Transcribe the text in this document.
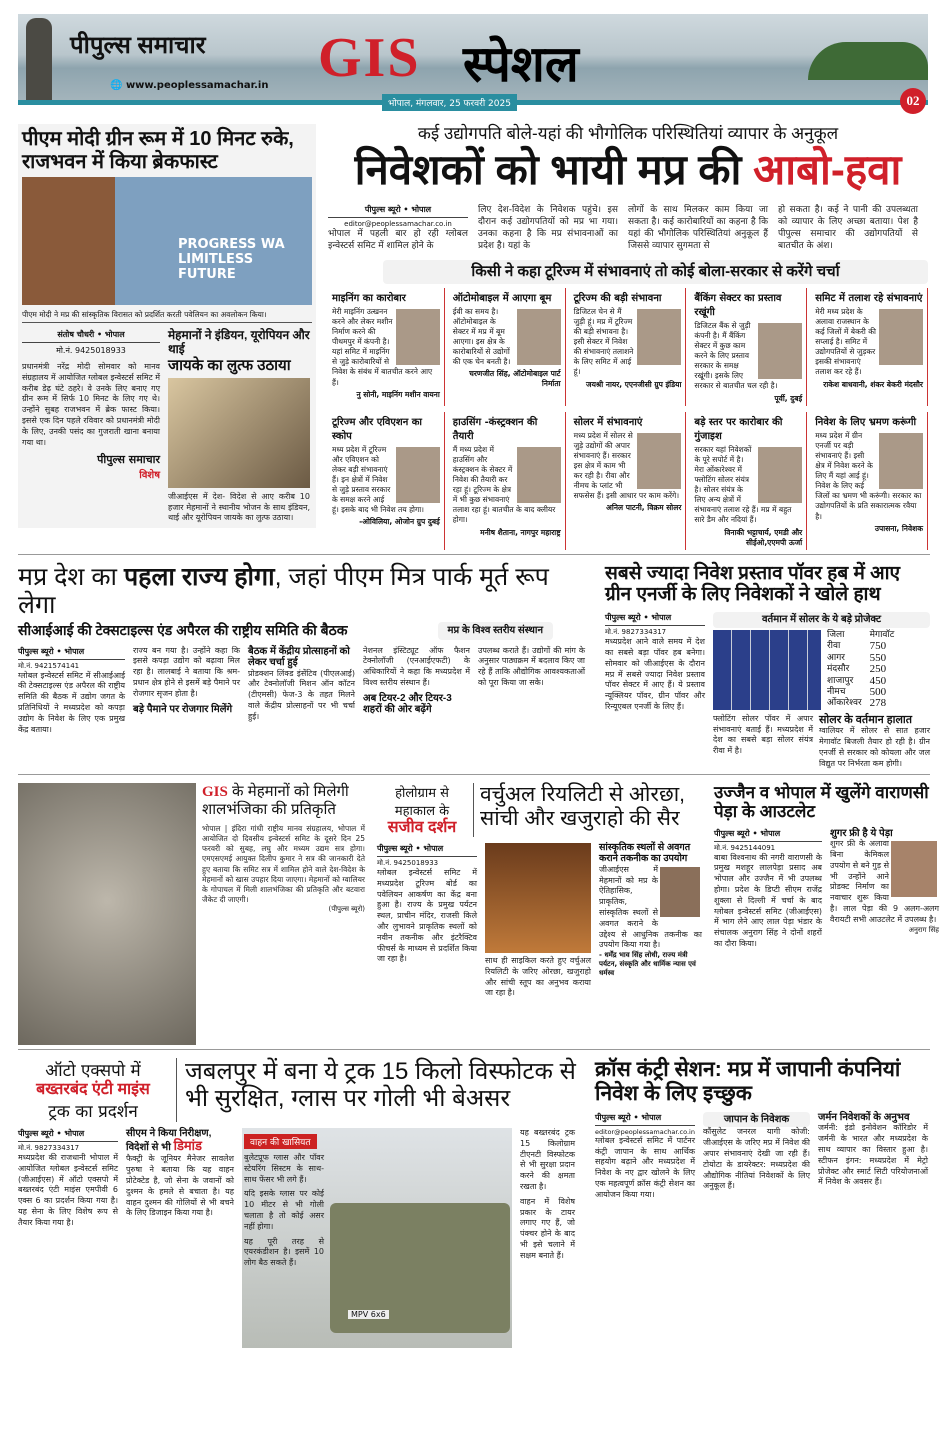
पीपुल्स समाचार
🌐 www.peoplessamachar.in GIS स्पेशल
भोपाल, मंगलवार, 25 फरवरी 2025	02
पीएम मोदी ग्रीन रूम में 10 मिनट रुके, राजभवन में किया ब्रेकफास्ट
PROGRESS WA LIMITLESS FUTURE
पीएम मोदी ने मप्र की सांस्कृतिक विरासत को प्रदर्शित करती पवेलियन का अवलोकन किया।
संतोष चौधरी • भोपाल
मो.नं. 9425018933
प्रधानमंत्री नरेंद्र मोदी सोमवार को मानव संग्रहालय में आयोजित ग्लोबल इन्वेस्टर्स समिट में करीब डेढ़ घंटे ठहरे। वे उनके लिए बनाए गए ग्रीन रूम में सिर्फ 10 मिनट के लिए गए थे। उन्होंने सुबह राजभवन में ब्रेक फास्ट किया। इससे एक दिन पहले रविवार को प्रधानमंत्री मोदी के लिए, उनकी पसंद का गुजराती खाना बनाया गया था।
पीपुल्स समाचार
विशेष
मेहमानों ने इंडियन, यूरोपियन और थाई
जायके का लुत्फ उठाया
जीआईएस में देश- विदेश से आए करीब 10 हजार मेहमानों ने स्थानीय भोजन के साथ इंडियन, थाई और यूरोपियन जायके का लुत्फ उठाया।
कई उद्योगपति बोले-यहां की भौगोलिक परिस्थितियां व्यापार के अनुकूल
निवेशकों को भायी मप्र की आबो-हवा
पीपुल्स ब्यूरो • भोपाल
editor@peoplessamachar.co.in
भोपाल में पहली बार हो रही ग्लोबल इन्वेस्टर्स समिट में शामिल होने के
लिए देश-विदेश के निवेशक पहुंचे। इस दौरान कई उद्योगपतियों को मप्र भा गया। उनका कहना है कि मप्र संभावनाओं का प्रदेश है। यहां के
लोगों के साथ मिलकर काम किया जा सकता है। कई कारोबारियों का कहना है कि यहां की भौगोलिक परिस्थितियां अनुकूल हैं जिससे व्यापार सुगमता से
हो सकता है। कई ने पानी की उपलब्धता को व्यापार के लिए अच्छा बताया। पेश है पीपुल्स समाचार की उद्योगपतियों से बातचीत के अंश।
किसी ने कहा टूरिज्म में संभावनाएं तो कोई बोला-सरकार से करेंगे चर्चा
माइनिंग का कारोबार
मेरी माइनिंग उत्खनन करने और लेकर मशीन निर्माण करने की पीथमपुर में कंपनी है। यहां समिट में माइनिंग से जुड़े कारोबारियों से निवेश के संबंध में बातचीत करने आए हैं।
नु सोनी, माइनिंग मशीन वायना
ऑटोमोबाइल में आएगा बूम
ईवी का समय है। ऑटोमोबाइल के सेक्टर में मप्र में बूम आएगा। इस क्षेत्र के कारोबारियों से उद्योगों की एक चेन बनती है।
चरणजीत सिंह, ऑटोमोबाइल पार्ट निर्माता
टूरिज्म की बड़ी संभावना
डिजिटल चेन से मैं जुड़ी हूं। मप्र में टूरिज्म की बड़ी संभावना है। इसी सेक्टर में निवेश की संभावनाएं तलाशने के लिए समिट में आई हूं।
जयश्री नायर, एएनजीसी ग्रुप इंडिया
बैंकिंग सेक्टर का प्रस्ताव रखूंगी
डिजिटल बैंक से जुड़ी कंपनी है। मैं बैंकिंग सेक्टर में कुछ काम करने के लिए प्रस्ताव सरकार के समक्ष रखूंगी। इसके लिए सरकार से बातचीत चल रही है।
पूर्वी, दुबई
समिट में तलाश रहे संभावनाएं
मेरी मध्य प्रदेश के अलावा राजस्थान के कई जिलों में बेकरी की सप्लाई है। समिट में उद्योगपतियों से जुड़कर इसकी संभावनाएं तलाश कर रहे हैं।
राकेश बाधवानी, शंकर बेकरी मंदसौर
टूरिज्म और एविएशन का स्कोप
मध्य प्रदेश में टूरिज्म और एविएशन को लेकर बड़ी संभावनाएं हैं। इन क्षेत्रों में निवेश से जुड़े प्रस्ताव सरकार के समक्ष करने आई हूं। इसके बाद भी निवेश तय होगा।
-ओविलिया, ओजोन ग्रुप दुबई
हाउसिंग -कंस्ट्रक्शन की तैयारी
मैं मध्य प्रदेश में हाउसिंग और कंस्ट्रक्शन के सेक्टर में निवेश की तैयारी कर रहा हूं। टूरिज्म के क्षेत्र में भी कुछ संभावनाएं तलाश रहा हूं। बातचीत के बाद क्लीयर होगा।
मनीष शैताना, नागपुर महाराष्ट्र
सोलर में संभावनाएं
मध्य प्रदेश में सोलर से जुड़े उद्योगों की अपार संभावनाएं हैं। सरकार इस क्षेत्र में काम भी कर रही है। रीवा और नीमच के प्लांट भी सफसेस हैं। इसी आधार पर काम करेंगे।
अनिल पाटनी, विक्रम सोलर
बड़े स्तर पर कारोबार की गुंजाइश
सरकार यहां निवेशकों के पूरे सपोर्ट में है। मेरा ओंकारेश्वर में फ्लोटिंग सोलर संयंत्र है। सोलर संयंत्र के लिए अन्य क्षेत्रों में संभावनाएं तलाश रहे हैं। मप्र में बहुत सारे डैम और नदियां हैं।
विनाकी भट्टाचार्य, एमडी और सीईओ,एएमपी ऊर्जा
निवेश के लिए भ्रमण करूंगी
मध्य प्रदेश में ग्रीन एनर्जी पर बड़ी संभावनाएं हैं। इसी क्षेत्र में निवेश करने के लिए मैं यहां आई हूं। निवेश के लिए कई जिलों का भ्रमण भी करूंगी। सरकार का उद्योगपतियों के प्रति सकारात्मक रवैया है।
उपासना, निवेशक
मप्र देश का पहला राज्य होगा, जहां पीएम मित्र पार्क मूर्त रूप लेगा
सीआईआई की टेक्सटाइल्स एंड अपैरल की राष्ट्रीय समिति की बैठक	मप्र के विश्व स्तरीय संस्थान
पीपुल्स ब्यूरो • भोपाल
मो.नं. 9421574141
ग्लोबल इन्वेस्टर्स समिट में सीआईआई की टेक्सटाइल्स एंड अपैरल की राष्ट्रीय समिति की बैठक में उद्योग जगत के प्रतिनिधियों ने मध्यप्रदेश को कपड़ा उद्योग के निवेश के लिए एक प्रमुख केंद्र बताया।
राज्य बन गया है। उन्होंने कहा कि इससे कपड़ा उद्योग को बढ़ावा मिल रहा है। लालबाई ने बताया कि श्रम-प्रधान क्षेत्र होने से इसमें बड़े पैमाने पर रोजगार सृजन होता है।
बड़े पैमाने पर रोजगार मिलेंगे
बैठक में केंद्रीय प्रोत्साहनों को लेकर चर्चा हुई
प्रोडक्शन लिंक्ड इंसेंटिव (पीएलआई) और टेक्नोलॉजी मिशन ऑन कॉटन (टीएमसी) फेज-3 के तहत मिलने वाले केंद्रीय प्रोत्साहनों पर भी चर्चा हुई।
नेशनल इंस्टिट्यूट ऑफ फैशन टेक्नोलॉजी (एनआईएफटी) के अधिकारियों ने कहा कि मध्यप्रदेश में विश्व स्तरीय संस्थान हैं।
अब टियर-2 और टियर-3 शहरों की ओर बढ़ेंगे
उपलब्ध कराते हैं। उद्योगों की मांग के अनुसार पाठ्यक्रम में बदलाव किए जा रहे हैं ताकि औद्योगिक आवश्यकताओं को पूरा किया जा सके।
सबसे ज्यादा निवेश प्रस्ताव पॉवर हब में आए ग्रीन एनर्जी के लिए निवेशकों ने खोले हाथ
पीपुल्स ब्यूरो • भोपाल
मो.नं. 9827334317
मध्यप्रदेश आने वाले समय में देश का सबसे बड़ा पॉवर हब बनेगा। सोमवार को जीआईएस के दौरान मप्र में सबसे ज्यादा निवेश प्रस्ताव पॉवर सेक्टर में आए हैं। ये प्रस्ताव न्यूक्लियर पॉवर, ग्रीन पॉवर और रिन्यूएबल एनर्जी के लिए हैं।
वर्तमान में सोलर के ये बड़े प्रोजेक्ट
जिला	मेगावॉट
रीवा	750
आगर	550
मंदसौर	250
शाजापुर	450
नीमच	500
ओंकारेश्वर	278
फ्लोटिंग सोलर पॉवर में अपार संभावनाएं बताई हैं। मध्यप्रदेश में देश का सबसे बड़ा सोलर संयंत्र रीवा में है।
सोलर के वर्तमान हालात
ग्वालियर में सोलर से सात हजार मेगावॉट बिजली तैयार हो रही है। ग्रीन एनर्जी से सरकार को कोयला और जल विद्युत पर निर्भरता कम होगी।
GIS के मेहमानों को मिलेगी शालभंजिका की प्रतिकृति
भोपाल | इंदिरा गांधी राष्ट्रीय मानव संग्रहालय, भोपाल में आयोजित दो दिवसीय इन्वेस्टर्स समिट के दूसरे दिन 25 फरवरी को सुबह, लघु और मध्यम उद्यम सत्र होगा। एमएसएमई आयुक्त दिलीप कुमार ने सत्र की जानकारी देते हुए बताया कि समिट सत्र में शामिल होने वाले देश-विदेश के मेहमानों को खास उपहार दिया जाएगा। मेहमानों को ग्वालियर के गोपाचल में मिली शालभंजिका की प्रतिकृति और बटवारा जैकेट दी जाएगी।
(पीपुल्स ब्यूरो)
होलोग्राम से महाकाल के
सजीव दर्शन
वर्चुअल रियलिटी से ओरछा, सांची और खजुराहो की सैर
पीपुल्स ब्यूरो • भोपाल
मो.नं. 9425018933
ग्लोबल इन्वेस्टर्स समिट में मध्यप्रदेश टूरिज्म बोर्ड का पवेलियन आकर्षण का केंद्र बना हुआ है। राज्य के प्रमुख पर्यटन स्थल, प्राचीन मंदिर, राजसी किले और लुभावने प्राकृतिक स्थलों को नवीन तकनीक और इंटरैक्टिव फीचर्स के माध्यम से प्रदर्शित किया जा रहा है।	साथ ही साइकिल करते हुए वर्चुअल रियलिटी के जरिए ओरछा, खजुराहो और सांची स्तूप का अनुभव कराया जा रहा है।
सांस्कृतिक स्थलों से अवगत कराने तकनीक का उपयोग
जीआईएस में मेहमानों को मप्र के ऐतिहासिक, प्राकृतिक, सांस्कृतिक स्थलों से अवगत कराने के उद्देश्य से आधुनिक तकनीक का उपयोग किया गया है।
- धर्मेंद्र भाव सिंह लोधी, राज्य मंत्री पर्यटन, संस्कृति और धार्मिक न्यास एवं धर्मस्व
उज्जैन व भोपाल में खुलेंगे वाराणसी पेड़ा के आउटलेट
पीपुल्स ब्यूरो • भोपाल
मो.नं. 9425144091
बाबा विश्वनाथ की नगरी वाराणसी के प्रमुख मशहूर लालपेड़ा प्रसाद अब भोपाल और उज्जैन में भी उपलब्ध होगा। प्रदेश के डिप्टी सीएम राजेंद्र शुक्ला से दिल्ली में चर्चा के बाद ग्लोबल इन्वेस्टर्स समिट (जीआईएस) में भाग लेने आए लाल पेड़ा भंडार के संचालक अनुराग सिंह ने दोनों शहरों का दौरा किया।
शुगर फ्री है ये पेड़ा
शुगर फ्री के अलावा बिना केमिकल उपयोग से बने गुड़ से भी उन्होंने आने प्रोडक्ट निर्माण का नवाचार शुरू किया है। लाल पेड़ा की 9 अलग-अलग वैरायटी सभी आउटलेट में उपलब्ध है।
अनुराग सिंह
ऑटो एक्सपो में
बख्तरबंद एंटी माइंस
ट्रक का प्रदर्शन
जबलपुर में बना ये ट्रक 15 किलो विस्फोटक से भी सुरक्षित, ग्लास पर गोली भी बेअसर
पीपुल्स ब्यूरो • भोपाल
मो.नं. 9827334317
मध्यप्रदेश की राजधानी भोपाल में आयोजित ग्लोबल इन्वेस्टर्स समिट (जीआईएस) में ऑटो एक्सपो में बख्तरबंद एंटी माइंस एमपीवी 6 एक्स 6 का प्रदर्शन किया गया है। यह सेना के लिए विशेष रूप से तैयार किया गया है।
सीएम ने किया निरीक्षण,
विदेशों से भी डिमांड
फैक्ट्री के जूनियर मैनेजर सावलेश पुरुषा ने बताया कि यह वाहन प्रोटेक्टेड है, जो सेना के जवानों को दुश्मन के हमले से बचाता है। यह वाहन दुश्मन की गोलियों से भी बचने के लिए डिजाइन किया गया है।
वाहन की खासियत
बुलेटप्रूफ ग्लास और पॉवर स्टेयरिंग सिस्टम के साथ-साथ फेंसर भी लगे हैं।
यदि इसके ग्लास पर कोई 10 मीटर से भी गोली चलाता है तो कोई असर नहीं होगा।
यह पूरी तरह से एयरकंडीशन है। इसमें 10 लोग बैठ सकते हैं।
MPV 6x6
यह बख्तरबंद ट्रक 15 किलोग्राम टीएनटी विस्फोटक से भी सुरक्षा प्रदान करने की क्षमता रखता है।
वाहन में विशेष प्रकार के टायर लगाए गए हैं, जो पंक्चर होने के बाद भी इसे चलाने में सक्षम बनाते हैं।
क्रॉस कंट्री सेशन: मप्र में जापानी कंपनियां निवेश के लिए इच्छुक
पीपुल्स ब्यूरो • भोपाल
editor@peoplessamachar.co.in
ग्लोबल इन्वेस्टर्स समिट में पार्टनर कंट्री जापान के साथ आर्थिक सहयोग बढ़ाने और मध्यप्रदेश में निवेश के नए द्वार खोलने के लिए एक महत्वपूर्ण क्रॉस कंट्री सेशन का आयोजन किया गया।
जापान के निवेशक
कौंसुलेट जनरल यागी कोजी: जीआईएस के जरिए मप्र में निवेश की अपार संभावनाएं देखी जा रही हैं। टोयोटा के डायरेक्टर: मध्यप्रदेश की औद्योगिक नीतियां निवेशकों के लिए अनुकूल हैं।
जर्मन निवेशकों के अनुभव
जर्मनी: इंडो इनोवेशन कॉरिडोर में जर्मनी के भारत और मध्यप्रदेश के साथ व्यापार का विस्तार हुआ है। स्टीफन इंगन: मध्यप्रदेश में मेट्रो प्रोजेक्ट और स्मार्ट सिटी परियोजनाओं में निवेश के अवसर हैं।
